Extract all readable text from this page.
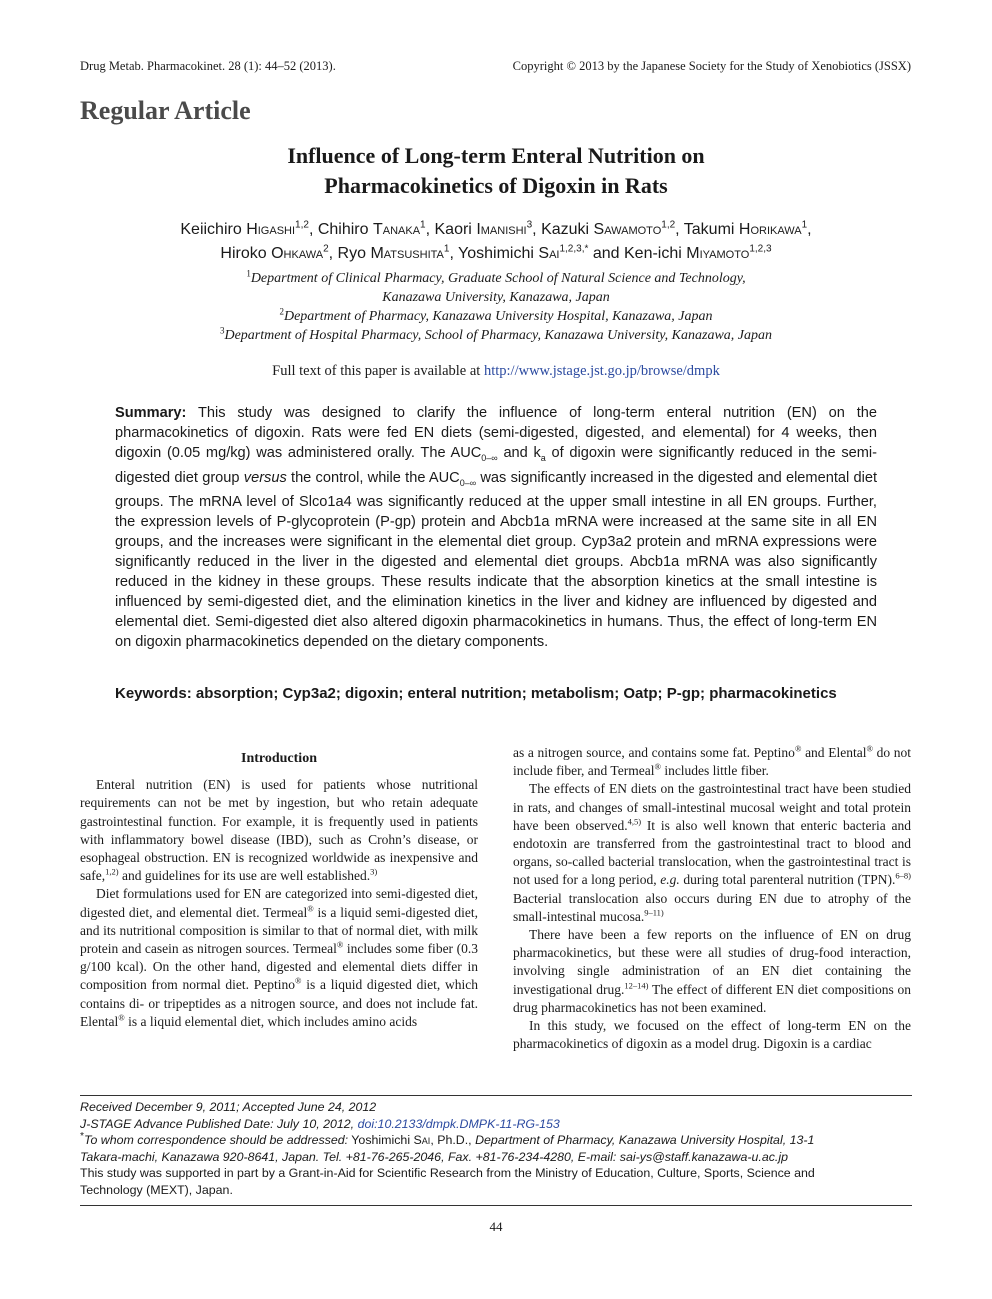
Drug Metab. Pharmacokinet. 28 (1): 44–52 (2013).	Copyright © 2013 by the Japanese Society for the Study of Xenobiotics (JSSX)
Regular Article
Influence of Long-term Enteral Nutrition on
Pharmacokinetics of Digoxin in Rats
Keiichiro Higashi$^{1,2}$, Chihiro Tanaka$^1$, Kaori Imanishi$^3$, Kazuki Sawamoto$^{1,2}$, Takumi Horikawa$^1$,
Hiroko Ohkawa$^2$, Ryo Matsushita$^1$, Yoshimichi Sai$^{1,2,3,*}$ and Ken-ichi Miyamoto$^{1,2,3}$
$^1$Department of Clinical Pharmacy, Graduate School of Natural Science and Technology,
Kanazawa University, Kanazawa, Japan
$^2$Department of Pharmacy, Kanazawa University Hospital, Kanazawa, Japan
$^3$Department of Hospital Pharmacy, School of Pharmacy, Kanazawa University, Kanazawa, Japan
Full text of this paper is available at http://www.jstage.jst.go.jp/browse/dmpk
Summary: This study was designed to clarify the influence of long-term enteral nutrition (EN) on the pharmacokinetics of digoxin. Rats were fed EN diets (semi-digested, digested, and elemental) for 4 weeks, then digoxin (0.05 mg/kg) was administered orally. The $AUC_{0-\infty}$ and $k_a$ of digoxin were significantly reduced in the semi-digested diet group versus the control, while the $AUC_{0-\infty}$ was significantly increased in the digested and elemental diet groups. The mRNA level of Slco1a4 was significantly reduced at the upper small intestine in all EN groups. Further, the expression levels of P-glycoprotein (P-gp) protein and Abcb1a mRNA were increased at the same site in all EN groups, and the increases were significant in the elemental diet group. Cyp3a2 protein and mRNA expressions were significantly reduced in the liver in the digested and elemental diet groups. Abcb1a mRNA was also significantly reduced in the kidney in these groups. These results indicate that the absorption kinetics at the small intestine is influenced by semi-digested diet, and the elimination kinetics in the liver and kidney are influenced by digested and elemental diet. Semi-digested diet also altered digoxin pharmacokinetics in humans. Thus, the effect of long-term EN on digoxin pharmacokinetics depended on the dietary components.
Keywords: absorption; Cyp3a2; digoxin; enteral nutrition; metabolism; Oatp; P-gp; pharmacokinetics
Introduction

Enteral nutrition (EN) is used for patients whose nutritional requirements can not be met by ingestion, but who retain adequate gastrointestinal function. For example, it is frequently used in patients with inflammatory bowel disease (IBD), such as Crohn’s disease, or esophageal obstruction. EN is recognized worldwide as inexpensive and safe,$^{1,2)}$ and guidelines for its use are well established.$^{3)}$

Diet formulations used for EN are categorized into semi-digested diet, digested diet, and elemental diet. Termeal® is a liquid semi-digested diet, and its nutritional composition is similar to that of normal diet, with milk protein and casein as nitrogen sources. Termeal® includes some fiber (0.3 g/100 kcal). On the other hand, digested and elemental diets differ in composition from normal diet. Peptino® is a liquid digested diet, which contains di- or tripeptides as a nitrogen source, and does not include fat. Elental® is a liquid elemental diet, which includes amino acids

as a nitrogen source, and contains some fat. Peptino® and Elental® do not include fiber, and Termeal® includes little fiber.

The effects of EN diets on the gastrointestinal tract have been studied in rats, and changes of small-intestinal mucosal weight and total protein have been observed.$^{4,5)}$ It is also well known that enteric bacteria and endotoxin are transferred from the gastrointestinal tract to blood and organs, so-called bacterial translocation, when the gastrointestinal tract is not used for a long period, e.g. during total parenteral nutrition (TPN).$^{6-8)}$ Bacterial translocation also occurs during EN due to atrophy of the small-intestinal mucosa.$^{9-11)}$

There have been a few reports on the influence of EN on drug pharmacokinetics, but these were all studies of drug-food interaction, involving single administration of an EN diet containing the investigational drug.$^{12-14)}$ The effect of different EN diet compositions on drug pharmacokinetics has not been examined.

In this study, we focused on the effect of long-term EN on the pharmacokinetics of digoxin as a model drug. Digoxin is a cardiac

Received December 9, 2011; Accepted June 24, 2012
J-STAGE Advance Published Date: July 10, 2012, doi:10.2133/dmpk.DMPK-11-RG-153
*To whom correspondence should be addressed: Yoshimichi Sai, Ph.D., Department of Pharmacy, Kanazawa University Hospital, 13-1
Takara-machi, Kanazawa 920-8641, Japan. Tel. +81-76-265-2046, Fax. +81-76-234-4280, E-mail: sai-ys@staff.kanazawa-u.ac.jp
This study was supported in part by a Grant-in-Aid for Scientific Research from the Ministry of Education, Culture, Sports, Science and
Technology (MEXT), Japan.
44
